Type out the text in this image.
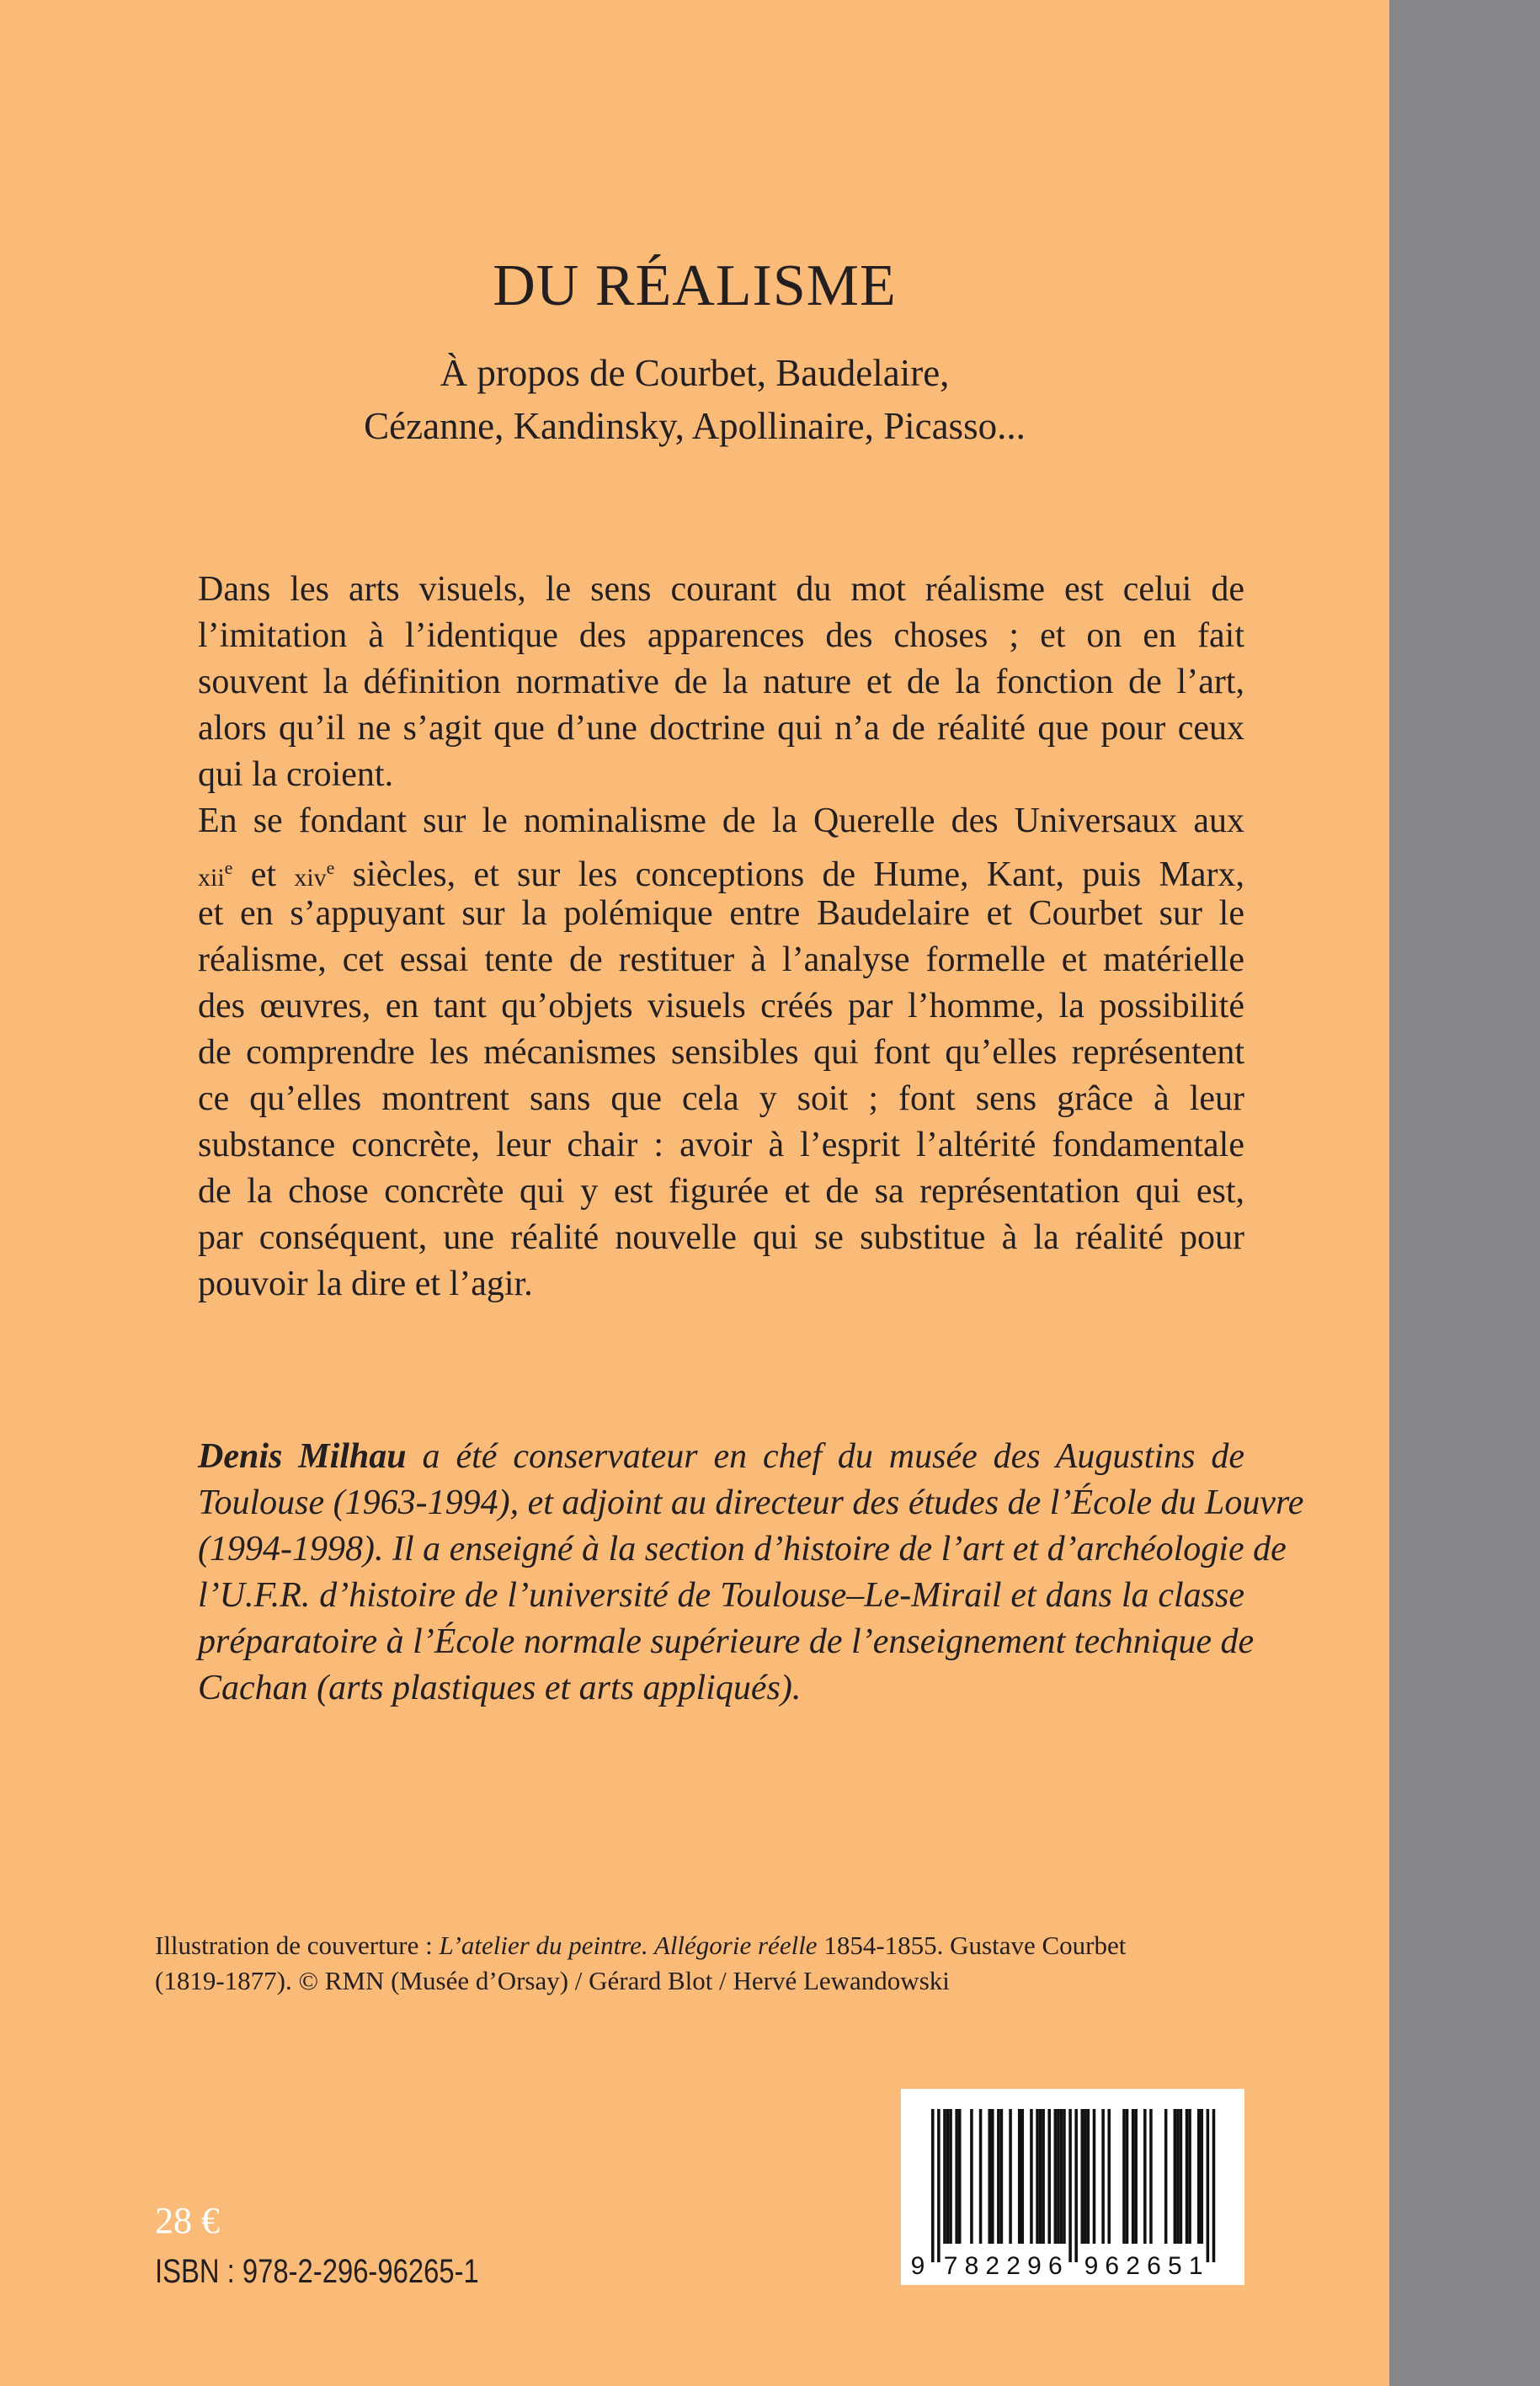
DU RÉALISME
À propos de Courbet, Baudelaire,
Cézanne, Kandinsky, Apollinaire, Picasso...
Dans les arts visuels, le sens courant du mot réalisme est celui de
l’imitation à l’identique des apparences des choses ; et on en fait
souvent la définition normative de la nature et de la fonction de l’art,
alors qu’il ne s’agit que d’une doctrine qui n’a de réalité que pour ceux
qui la croient.
En se fondant sur le nominalisme de la Querelle des Universaux aux
xii$^e$ et xiv$^e$ siècles, et sur les conceptions de Hume, Kant, puis Marx,
et en s’appuyant sur la polémique entre Baudelaire et Courbet sur le
réalisme, cet essai tente de restituer à l’analyse formelle et matérielle
des œuvres, en tant qu’objets visuels créés par l’homme, la possibilité
de comprendre les mécanismes sensibles qui font qu’elles représentent
ce qu’elles montrent sans que cela y soit ; font sens grâce à leur
substance concrète, leur chair : avoir à l’esprit l’altérité fondamentale
de la chose concrète qui y est figurée et de sa représentation qui est,
par conséquent, une réalité nouvelle qui se substitue à la réalité pour
pouvoir la dire et l’agir.
Denis Milhau a été conservateur en chef du musée des Augustins de
Toulouse (1963-1994), et adjoint au directeur des études de l’École du Louvre
(1994-1998). Il a enseigné à la section d’histoire de l’art et d’archéologie de
l’U.F.R. d’histoire de l’université de Toulouse–Le-Mirail et dans la classe
préparatoire à l’École normale supérieure de l’enseignement technique de
Cachan (arts plastiques et arts appliqués).
Illustration de couverture : L’atelier du peintre. Allégorie réelle 1854-1855. Gustave Courbet
(1819-1877). © RMN (Musée d’Orsay) / Gérard Blot / Hervé Lewandowski
28 €
ISBN : 978-2-296-96265-1	9 7 8 2 2 9 6 9 6 2 6 5 1
